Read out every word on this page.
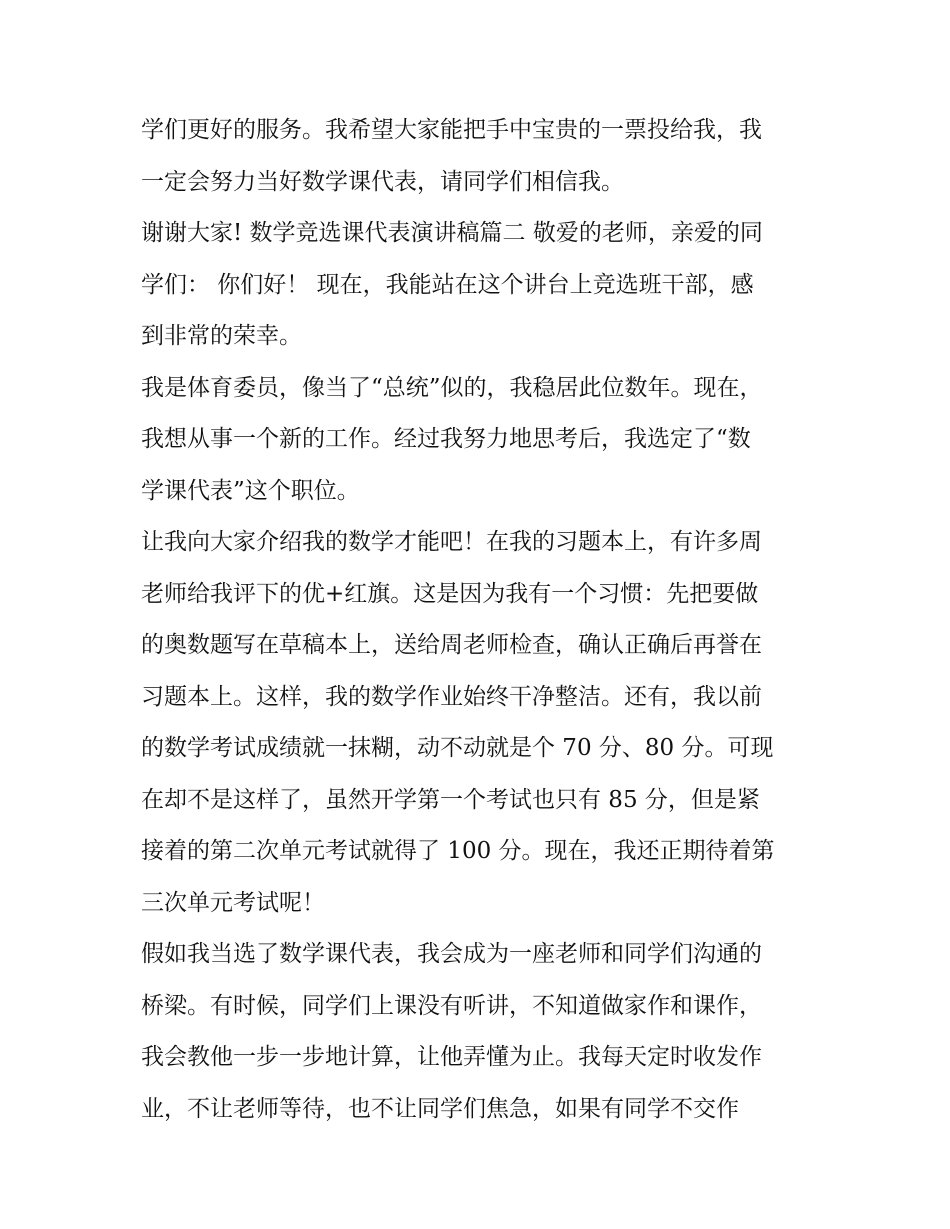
学们更好的服务。我希望大家能把手中宝贵的一票投给我，我
一定会努力当好数学课代表，请同学们相信我。
谢谢大家! 数学竞选课代表演讲稿篇二 敬爱的老师，亲爱的同
学们： 你们好！ 现在，我能站在这个讲台上竞选班干部，感
到非常的荣幸。
我是体育委员，像当了“总统”似的，我稳居此位数年。现在，
我想从事一个新的工作。经过我努力地思考后，我选定了“数
学课代表”这个职位。
让我向大家介绍我的数学才能吧！在我的习题本上，有许多周
老师给我评下的优+红旗。这是因为我有一个习惯：先把要做
的奥数题写在草稿本上，送给周老师检查，确认正确后再誉在
习题本上。这样，我的数学作业始终干净整洁。还有，我以前
的数学考试成绩就一抹糊，动不动就是个 70 分、80 分。可现
在却不是这样了，虽然开学第一个考试也只有 85 分，但是紧
接着的第二次单元考试就得了 100 分。现在，我还正期待着第
三次单元考试呢！
假如我当选了数学课代表，我会成为一座老师和同学们沟通的
桥梁。有时候，同学们上课没有听讲，不知道做家作和课作，
我会教他一步一步地计算，让他弄懂为止。我每天定时收发作
业，不让老师等待，也不让同学们焦急，如果有同学不交作
